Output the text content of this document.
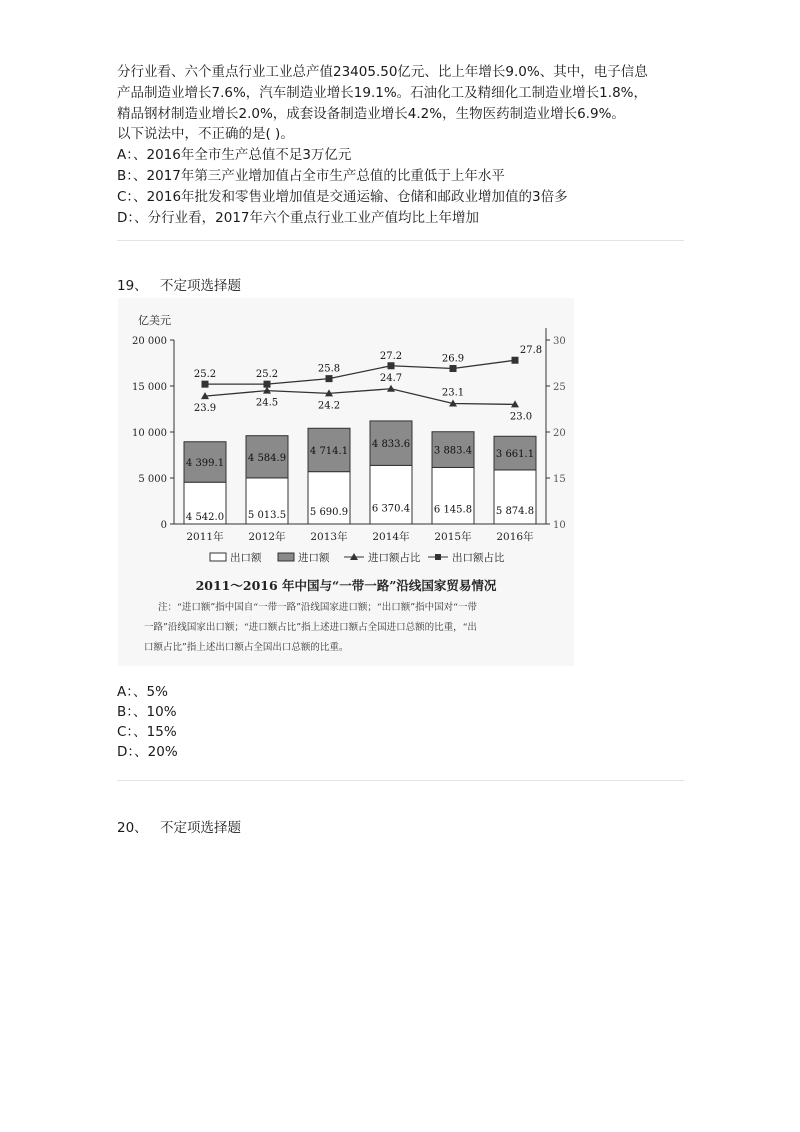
分行业看、六个重点行业工业总产值23405.50亿元、比上年增长9.0%、其中，电子信息
产品制造业增长7.6%，汽车制造业增长19.1%。石油化工及精细化工制造业增长1.8%，
精品钢材制造业增长2.0%，成套设备制造业增长4.2%，生物医药制造业增长6.9%。
以下说法中，不正确的是( )。
A：、2016年全市生产总值不足3万亿元
B：、2017年第三产业增加值占全市生产总值的比重低于上年水平
C：、2016年批发和零售业增加值是交通运输、仓储和邮政业增加值的3倍多
D：、分行业看，2017年六个重点行业工业产值均比上年增加
19、 不定项选择题
亿美元
0
5 000
10 000
15 000
20 000
10
15
20
25
30
4 542.0
4 399.1
5 013.5
4 584.9
5 690.9
4 714.1
6 370.4
4 833.6
6 145.8
3 883.4
5 874.8
3 661.1
25.2	25.2
25.8
27.2	26.9
27.8
23.9
24.5	24.2
24.7
23.1
23.0
2011年 2012年 2013年 2014年 2015年 2016年
出口额	进口额	进口额占比	出口额占比
2011～2016 年中国与“一带一路”沿线国家贸易情况
注：“进口额”指中国自“一带一路”沿线国家进口额；“出口额”指中国对“一带
一路”沿线国家出口额；“进口额占比”指上述进口额占全国进口总额的比重，“出
口额占比”指上述出口额占全国出口总额的比重。
A：、5%
B：、10%
C：、15%
D：、20%
20、 不定项选择题
